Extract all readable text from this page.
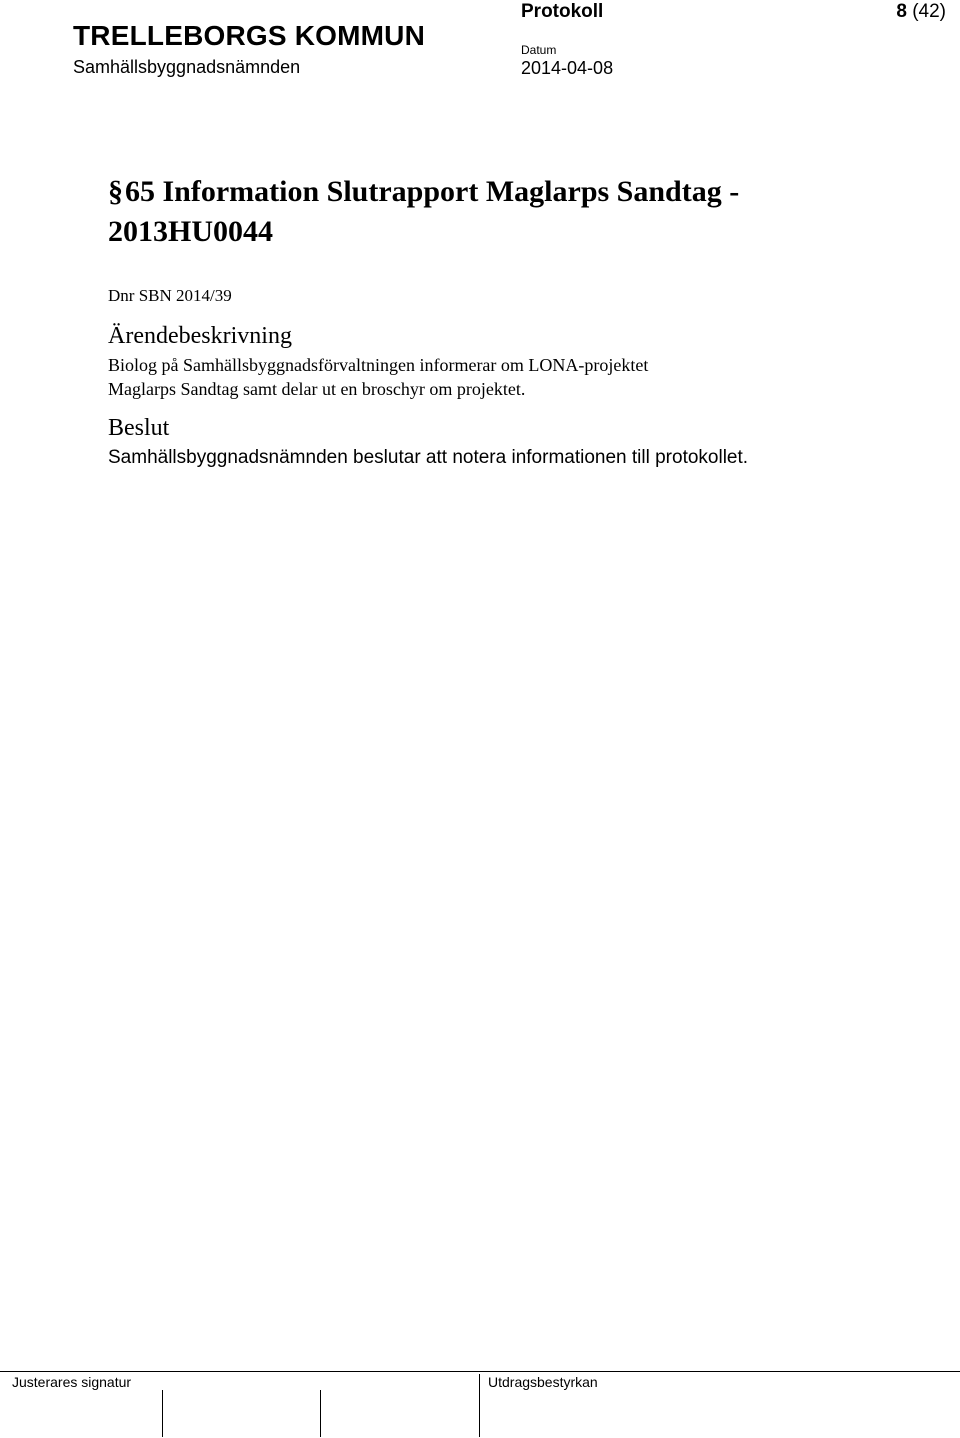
TRELLEBORGS KOMMUN
Samhällsbyggnadsnämnden
Protokoll	8 (42)
Datum
2014-04-08
§65 Information Slutrapport Maglarps Sandtag -
2013HU0044
Dnr SBN 2014/39
Ärendebeskrivning
Biolog på Samhällsbyggnadsförvaltningen informerar om LONA-projektet
Maglarps Sandtag samt delar ut en broschyr om projektet.
Beslut
Samhällsbyggnadsnämnden beslutar att notera informationen till protokollet.
Justerares signatur	Utdragsbestyrkan
